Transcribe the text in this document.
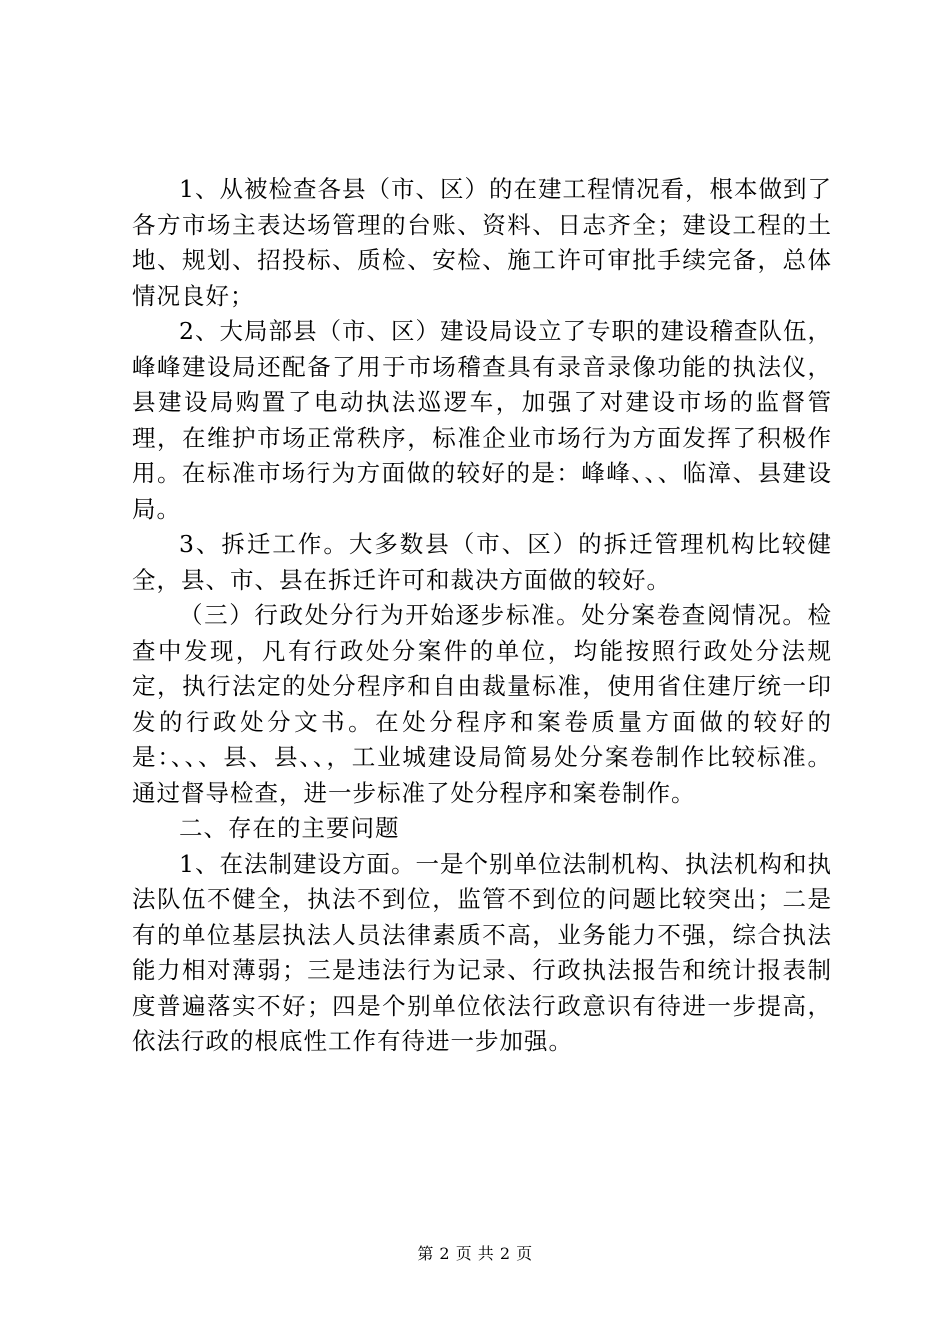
1、从被检查各县（市、区）的在建工程情况看，根本做到了各方市场主表达场管理的台账、资料、日志齐全；建设工程的土地、规划、招投标、质检、安检、施工许可审批手续完备，总体情况良好；

2、大局部县（市、区）建设局设立了专职的建设稽查队伍，峰峰建设局还配备了用于市场稽查具有录音录像功能的执法仪，县建设局购置了电动执法巡逻车，加强了对建设市场的监督管理，在维护市场正常秩序，标准企业市场行为方面发挥了积极作用。在标准市场行为方面做的较好的是：峰峰、、、临漳、县建设局。

3、拆迁工作。大多数县（市、区）的拆迁管理机构比较健全，县、市、县在拆迁许可和裁决方面做的较好。

（三）行政处分行为开始逐步标准。处分案卷查阅情况。检查中发现，凡有行政处分案件的单位，均能按照行政处分法规定，执行法定的处分程序和自由裁量标准，使用省住建厅统一印发的行政处分文书。在处分程序和案卷质量方面做的较好的是：、、、县、县、、，工业城建设局简易处分案卷制作比较标准。通过督导检查，进一步标准了处分程序和案卷制作。

二、存在的主要问题

1、在法制建设方面。一是个别单位法制机构、执法机构和执法队伍不健全，执法不到位，监管不到位的问题比较突出；二是有的单位基层执法人员法律素质不高，业务能力不强，综合执法能力相对薄弱；三是违法行为记录、行政执法报告和统计报表制度普遍落实不好；四是个别单位依法行政意识有待进一步提高，依法行政的根底性工作有待进一步加强。

第 2 页 共 2 页
